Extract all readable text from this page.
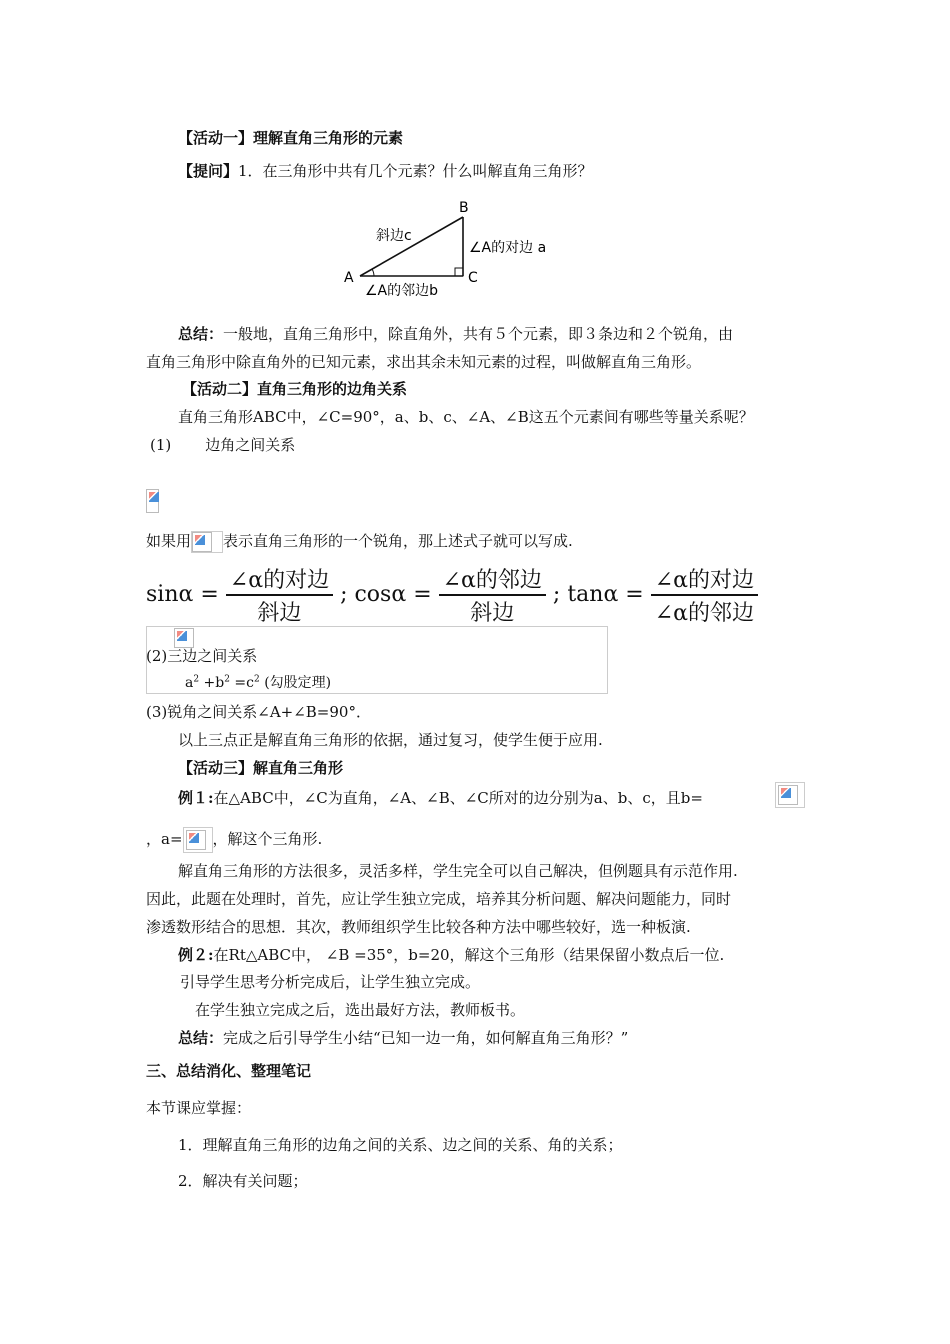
【活动一】理解直角三角形的元素
【提问】1．在三角形中共有几个元素？什么叫解直角三角形？
A
B
C
斜边c
∠A的对边 a
∠A的邻边b
总结：一般地，直角三角形中，除直角外，共有５个元素，即３条边和２个锐角，由
直角三角形中除直角外的已知元素，求出其余未知元素的过程，叫做解直角三角形。
【活动二】直角三角形的边角关系
直角三角形ABC中，∠C=90°，a、b、c、∠A、∠B这五个元素间有哪些等量关系呢？
(1) 边角之间关系

如果用 表示直角三角形的一个锐角，那上述式子就可以写成.
$\sin\alpha = \frac{\text{∠α的对边}}{\text{斜边}}$ ; $\cos\alpha = \frac{\text{∠α的邻边}}{\text{斜边}}$ ; $\tan\alpha = \frac{\text{∠α的对边}}{\text{∠α的邻边}}$
(2)三边之间关系
$a^2 +b^2 =c^2$ (勾股定理)
(3)锐角之间关系∠A+∠B=90°．
以上三点正是解直角三角形的依据，通过复习，使学生便于应用.
【活动三】解直角三角形
例１:在△ABC中，∠C为直角，∠A、∠B、∠C所对的边分别为a、b、c，且b=
，a= ，解这个三角形.
解直角三角形的方法很多，灵活多样，学生完全可以自己解决，但例题具有示范作用.
因此，此题在处理时，首先，应让学生独立完成，培养其分析问题、解决问题能力，同时
渗透数形结合的思想．其次，教师组织学生比较各种方法中哪些较好，选一种板演.
例２:在Rt△ABC中， ∠B =35°，b=20，解这个三角形（结果保留小数点后一位.
引导学生思考分析完成后，让学生独立完成。
在学生独立完成之后，选出最好方法，教师板书。
总结：完成之后引导学生小结“已知一边一角，如何解直角三角形？”
三、总结消化、整理笔记
本节课应掌握：
1．理解直角三角形的边角之间的关系、边之间的关系、角的关系；
2．解决有关问题；
